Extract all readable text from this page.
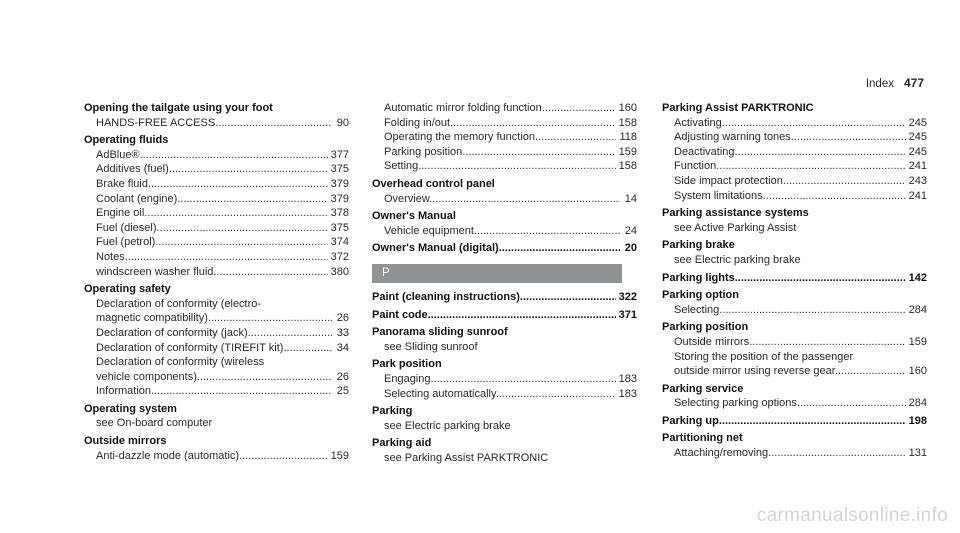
Index 477
Opening the tailgate using your foot
HANDS-FREE ACCESS .....	90
Operating fluids
AdBlue® .....	377
Additives (fuel) .....	375
Brake fluid .....	379
Coolant (engine) .....	379
Engine oil .....	378
Fuel (diesel) .....	375
Fuel (petrol) .....	374
Notes .....	372
windscreen washer fluid .....	380
Operating safety
Declaration of conformity (electro-
magnetic compatibility) .....	26
Declaration of conformity (jack) .....	33
Declaration of conformity (TIREFIT kit) .....	34
Declaration of conformity (wireless
vehicle components) .....	26
Information .....	25
Operating system
see On-board computer
Outside mirrors
Anti-dazzle mode (automatic) .....	159
Automatic mirror folding function .....	160
Folding in/out .....	158
Operating the memory function .....	118
Parking position .....	159
Setting .....	158
Overhead control panel
Overview .....	14
Owner's Manual
Vehicle equipment .....	24
Owner's Manual (digital) .....	20
P
Paint (cleaning instructions) .....	322
Paint code .....	371
Panorama sliding sunroof
see Sliding sunroof
Park position
Engaging .....	183
Selecting automatically .....	183
Parking
see Electric parking brake
Parking aid
see Parking Assist PARKTRONIC
Parking Assist PARKTRONIC
Activating .....	245
Adjusting warning tones .....	245
Deactivating .....	245
Function .....	241
Side impact protection .....	243
System limitations .....	241
Parking assistance systems
see Active Parking Assist
Parking brake
see Electric parking brake
Parking lights .....	142
Parking option
Selecting .....	284
Parking position
Outside mirrors .....	159
Storing the position of the passenger
outside mirror using reverse gear .....	160
Parking service
Selecting parking options .....	284
Parking up .....	198
Partitioning net
Attaching/removing .....	131
carmanualsonline.info
